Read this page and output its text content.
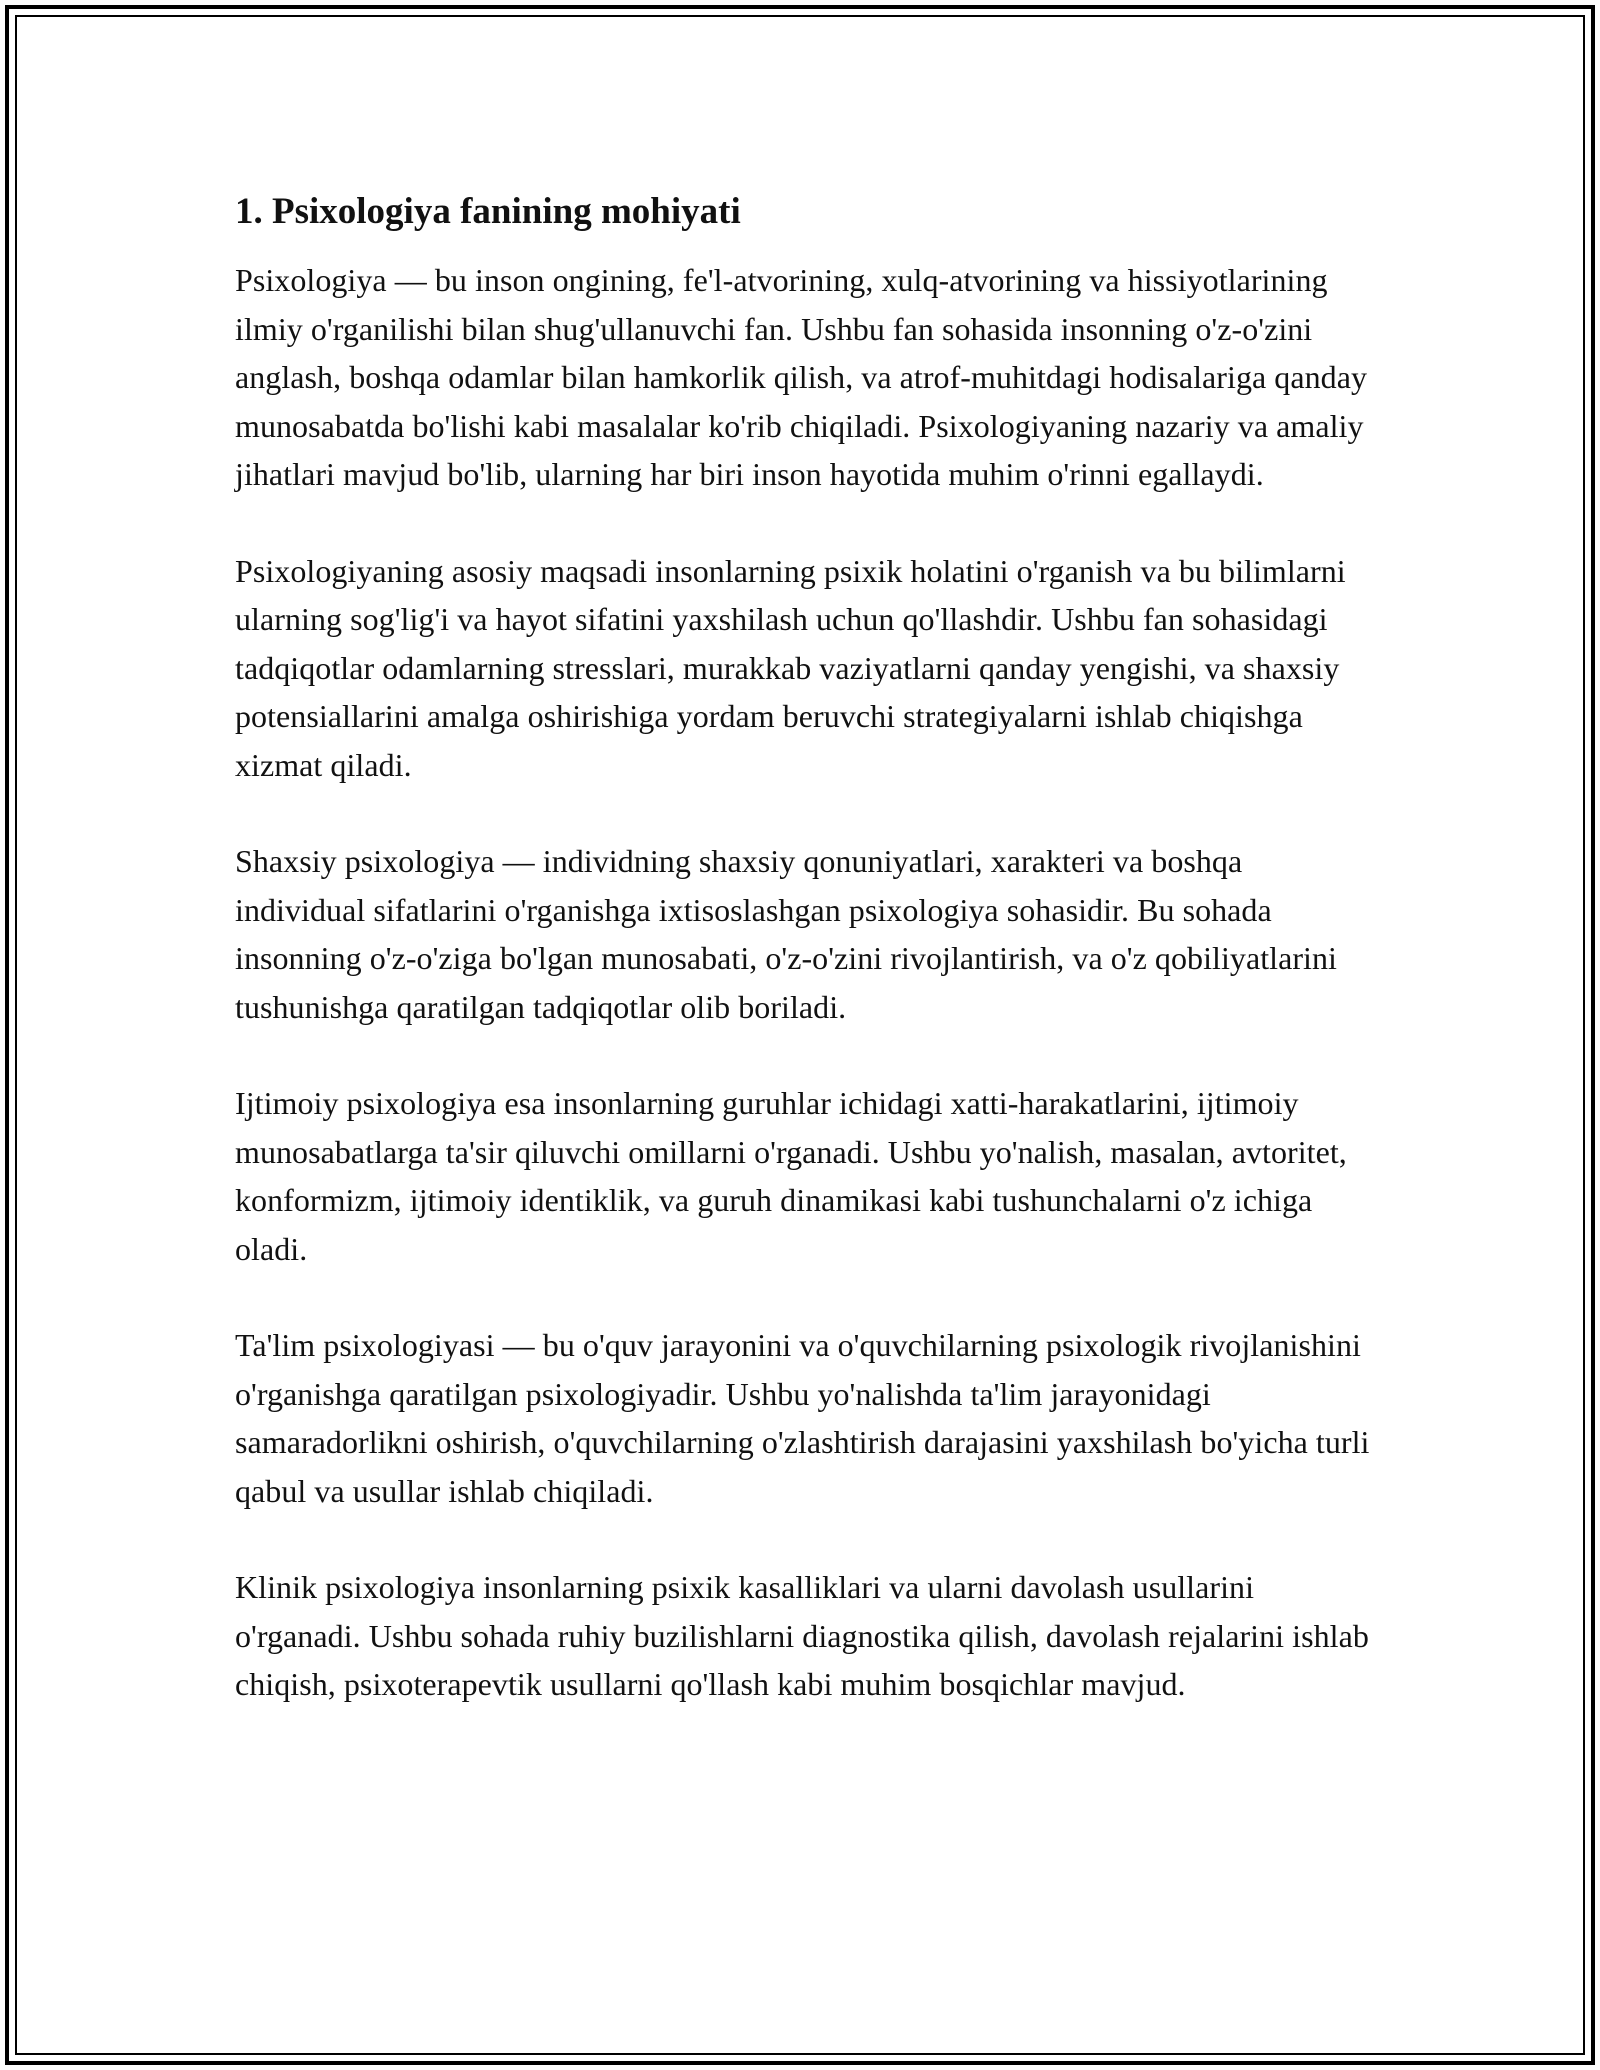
1. Psixologiya fanining mohiyati

Psixologiya — bu inson ongining, fe'l-atvorining, xulq-atvorining va hissiyotlarining ilmiy o'rganilishi bilan shug'ullanuvchi fan. Ushbu fan sohasida insonning o'z-o'zini anglash, boshqa odamlar bilan hamkorlik qilish, va atrof-muhitdagi hodisalariga qanday munosabatda bo'lishi kabi masalalar ko'rib chiqiladi. Psixologiyaning nazariy va amaliy jihatlari mavjud bo'lib, ularning har biri inson hayotida muhim o'rinni egallaydi.

Psixologiyaning asosiy maqsadi insonlarning psixik holatini o'rganish va bu bilimlarni ularning sog'lig'i va hayot sifatini yaxshilash uchun qo'llashdir. Ushbu fan sohasidagi tadqiqotlar odamlarning stresslari, murakkab vaziyatlarni qanday yengishi, va shaxsiy potensiallarini amalga oshirishiga yordam beruvchi strategiyalarni ishlab chiqishga xizmat qiladi.

Shaxsiy psixologiya — individning shaxsiy qonuniyatlari, xarakteri va boshqa individual sifatlarini o'rganishga ixtisoslashgan psixologiya sohasidir. Bu sohada insonning o'z-o'ziga bo'lgan munosabati, o'z-o'zini rivojlantirish, va o'z qobiliyatlarini tushunishga qaratilgan tadqiqotlar olib boriladi.

Ijtimoiy psixologiya esa insonlarning guruhlar ichidagi xatti-harakatlarini, ijtimoiy munosabatlarga ta'sir qiluvchi omillarni o'rganadi. Ushbu yo'nalish, masalan, avtoritet, konformizm, ijtimoiy identiklik, va guruh dinamikasi kabi tushunchalarni o'z ichiga oladi.

Ta'lim psixologiyasi — bu o'quv jarayonini va o'quvchilarning psixologik rivojlanishini o'rganishga qaratilgan psixologiyadir. Ushbu yo'nalishda ta'lim jarayonidagi samaradorlikni oshirish, o'quvchilarning o'zlashtirish darajasini yaxshilash bo'yicha turli qabul va usullar ishlab chiqiladi.

Klinik psixologiya insonlarning psixik kasalliklari va ularni davolash usullarini o'rganadi. Ushbu sohada ruhiy buzilishlarni diagnostika qilish, davolash rejalarini ishlab chiqish, psixoterapevtik usullarni qo'llash kabi muhim bosqichlar mavjud.
